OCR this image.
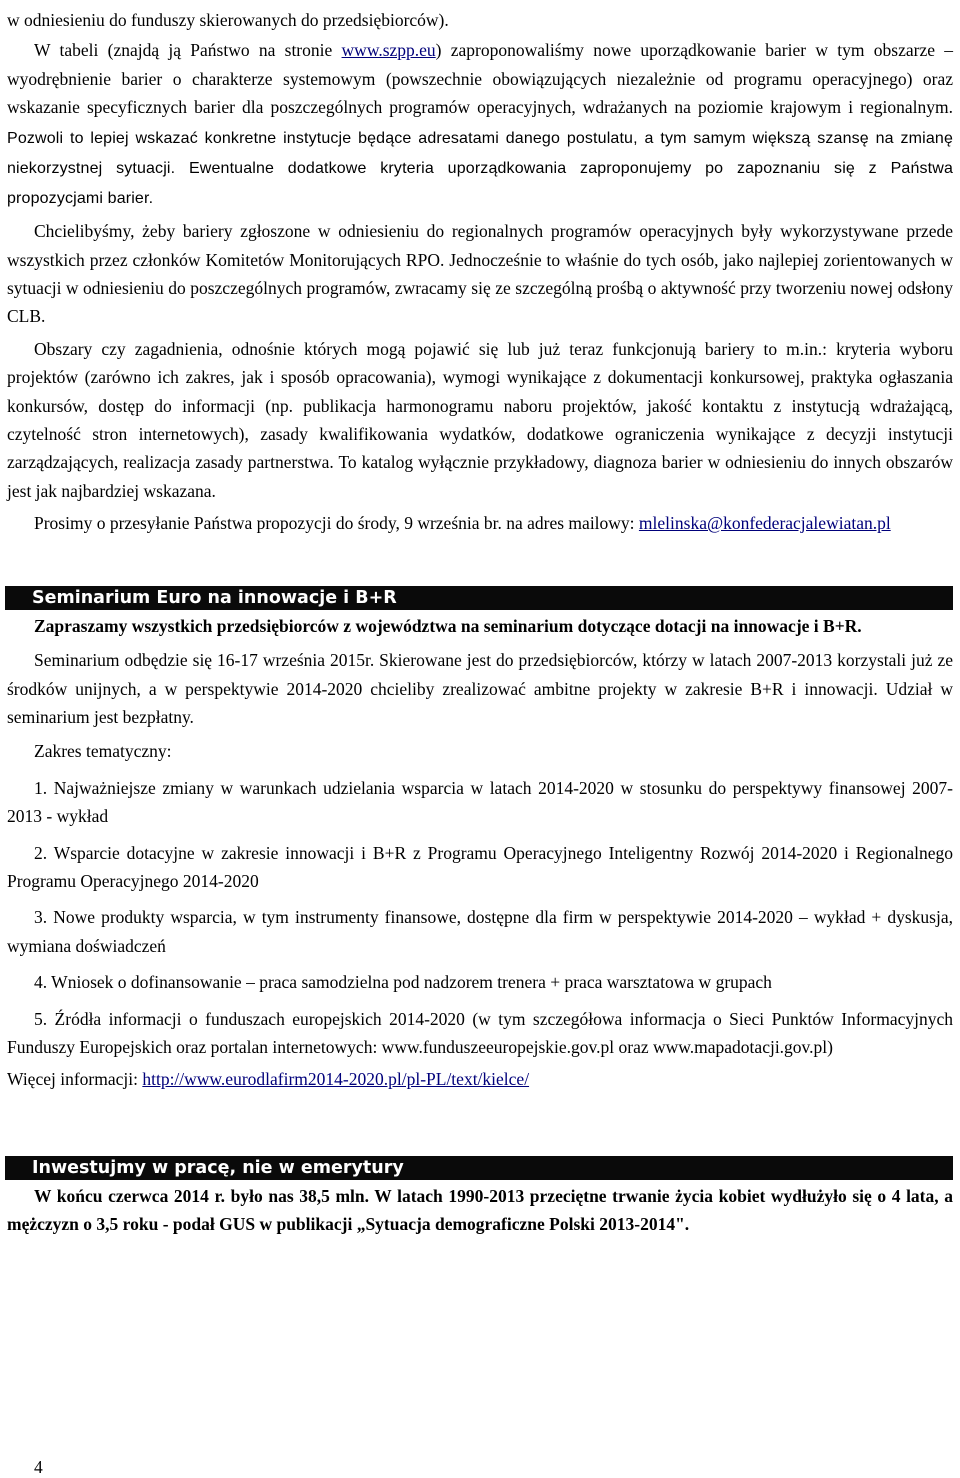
w odniesieniu do funduszy skierowanych do przedsiębiorców).

W tabeli (znajdą ją Państwo na stronie www.szpp.eu) zaproponowaliśmy nowe uporządkowanie barier w tym obszarze – wyodrębnienie barier o charakterze systemowym (powszechnie obowiązujących niezależnie od programu operacyjnego) oraz wskazanie specyficznych barier dla poszczególnych programów operacyjnych, wdrażanych na poziomie krajowym i regionalnym. Pozwoli to lepiej wskazać konkretne instytucje będące adresatami danego postulatu, a tym samym większą szansę na zmianę niekorzystnej sytuacji. Ewentualne dodatkowe kryteria uporządkowania zaproponujemy po zapoznaniu się z Państwa propozycjami barier.

Chcielibyśmy, żeby bariery zgłoszone w odniesieniu do regionalnych programów operacyjnych były wykorzystywane przede wszystkich przez członków Komitetów Monitorujących RPO. Jednocześnie to właśnie do tych osób, jako najlepiej zorientowanych w sytuacji w odniesieniu do poszczególnych programów, zwracamy się ze szczególną prośbą o aktywność przy tworzeniu nowej odsłony CLB.

Obszary czy zagadnienia, odnośnie których mogą pojawić się lub już teraz funkcjonują bariery to m.in.: kryteria wyboru projektów (zarówno ich zakres, jak i sposób opracowania), wymogi wynikające z dokumentacji konkursowej, praktyka ogłaszania konkursów, dostęp do informacji (np. publikacja harmonogramu naboru projektów, jakość kontaktu z instytucją wdrażającą, czytelność stron internetowych), zasady kwalifikowania wydatków, dodatkowe ograniczenia wynikające z decyzji instytucji zarządzających, realizacja zasady partnerstwa. To katalog wyłącznie przykładowy, diagnoza barier w odniesieniu do innych obszarów jest jak najbardziej wskazana.

Prosimy o przesyłanie Państwa propozycji do środy, 9 września br. na adres mailowy: mlelinska@konfederacjalewiatan.pl

Seminarium Euro na innowacje i B+R

Zapraszamy wszystkich przedsiębiorców z województwa na seminarium dotyczące dotacji na innowacje i B+R.

Seminarium odbędzie się 16-17 września 2015r. Skierowane jest do przedsiębiorców, którzy w latach 2007-2013 korzystali już ze środków unijnych, a w perspektywie 2014-2020 chcieliby zrealizować ambitne projekty w zakresie B+R i innowacji. Udział w seminarium jest bezpłatny.

Zakres tematyczny:

1. Najważniejsze zmiany w warunkach udzielania wsparcia w latach 2014-2020 w stosunku do perspektywy finansowej 2007-2013 - wykład

2. Wsparcie dotacyjne w zakresie innowacji i B+R z Programu Operacyjnego Inteligentny Rozwój 2014-2020 i Regionalnego Programu Operacyjnego 2014-2020

3. Nowe produkty wsparcia, w tym instrumenty finansowe, dostępne dla firm w perspektywie 2014-2020 – wykład + dyskusja, wymiana doświadczeń

4. Wniosek o dofinansowanie – praca samodzielna pod nadzorem trenera + praca warsztatowa w grupach

5. Źródła informacji o funduszach europejskich 2014-2020 (w tym szczegółowa informacja o Sieci Punktów Informacyjnych Funduszy Europejskich oraz portalan internetowych: www.funduszeeuropejskie.gov.pl oraz www.mapadotacji.gov.pl)

Więcej informacji: http://www.eurodlafirm2014-2020.pl/pl-PL/text/kielce/

Inwestujmy w pracę, nie w emerytury

W końcu czerwca 2014 r. było nas 38,5 mln. W latach 1990-2013 przeciętne trwanie życia kobiet wydłużyło się o 4 lata, a mężczyzn o 3,5 roku - podał GUS w publikacji „Sytuacja demograficzne Polski 2013-2014".

4
